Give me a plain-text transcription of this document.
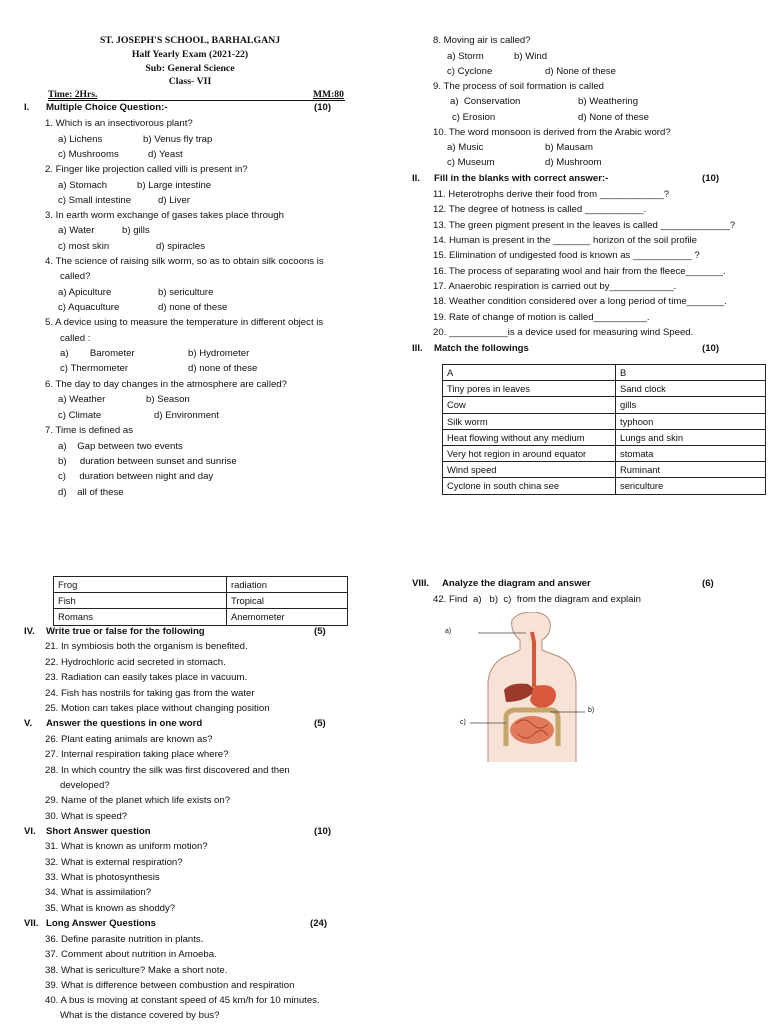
ST. JOSEPH'S SCHOOL, BARHALGANJ
Half Yearly Exam (2021-22)
Sub: General Science
Class- VII
Time: 2Hrs.	MM:80
I. Multiple Choice Question:-	(10)
1. Which is an insectivorous plant?
a) Lichens	b) Venus fly trap
c) Mushrooms	d) Yeast
2. Finger like projection called villi is present in?
a) Stomach	b) Large intestine
c) Small intestine	d) Liver
3. In earth worm exchange of gases takes place through
a) Water	b) gills
c) most skin	d) spiracles
4. The science of raising silk worm, so as to obtain silk cocoons is
called?
a) Apiculture	b) sericulture
c) Aquaculture	d) none of these
5. A device using to measure the temperature in different object is
called :
a)        Barometer	b) Hydrometer
c) Thermometer	d) none of these
6. The day to day changes in the atmosphere are called?
a) Weather	b) Season
c) Climate	d) Environment
7. Time is defined as
a)    Gap between two events
b)     duration between sunset and sunrise
c)     duration between night and day
d)    all of these
8. Moving air is called?
a) Storm	b) Wind
c) Cyclone	d) None of these
9. The process of soil formation is called
a)  Conservation	b) Weathering
c) Erosion	d) None of these
10. The word monsoon is derived from the Arabic word?
a) Music	b) Mausam
c) Museum	d) Mushroom
II. Fill in the blanks with correct answer:-	(10)
11. Heterotrophs derive their food from ____________?
12. The degree of hotness is called ___________.
13. The green pigment present in the leaves is called _____________?
14. Human is present in the _______ horizon of the soil profile
15. Elimination of undigested food is known as ___________ ?
16. The process of separating wool and hair from the fleece_______.
17. Anaerobic respiration is carried out by____________.
18. Weather condition considered over a long period of time_______.
19. Rate of change of motion is called__________.
20. ___________is a device used for measuring wind Speed.
III. Match the followings	(10)
A	B
Tiny pores in leaves	Sand clock
Cow	gills
Silk worm	typhoon
Heat flowing without any medium	Lungs and skin
Very hot region in around equator	stomata
Wind speed	Ruminant
Cyclone in south china see	sericulture
Frog	radiation
Fish	Tropical
Romans	Anemometer
IV. Write true or false for the following	(5)
21. In symbiosis both the organism is benefited.
22. Hydrochloric acid secreted in stomach.
23. Radiation can easily takes place in vacuum.
24. Fish has nostrils for taking gas from the water
25. Motion can takes place without changing position
V. Answer the questions in one word	(5)
26. Plant eating animals are known as?
27. Internal respiration taking place where?
28. In which country the silk was first discovered and then
developed?
29. Name of the planet which life exists on?
30. What is speed?
VI. Short Answer question	(10)
31. What is known as uniform motion?
32. What is external respiration?
33. What is photosynthesis
34. What is assimilation?
35. What is known as shoddy?
VII. Long Answer Questions	(24)
36. Define parasite nutrition in plants.
37. Comment about nutrition in Amoeba.
38. What is sericulture? Make a short note.
39. What is difference between combustion and respiration
40. A bus is moving at constant speed of 45 km/h for 10 minutes.
What is the distance covered by bus?
VIII. Analyze the diagram and answer	(6)
42. Find  a)   b)  c)  from the diagram and explain
a)
b)
c)
